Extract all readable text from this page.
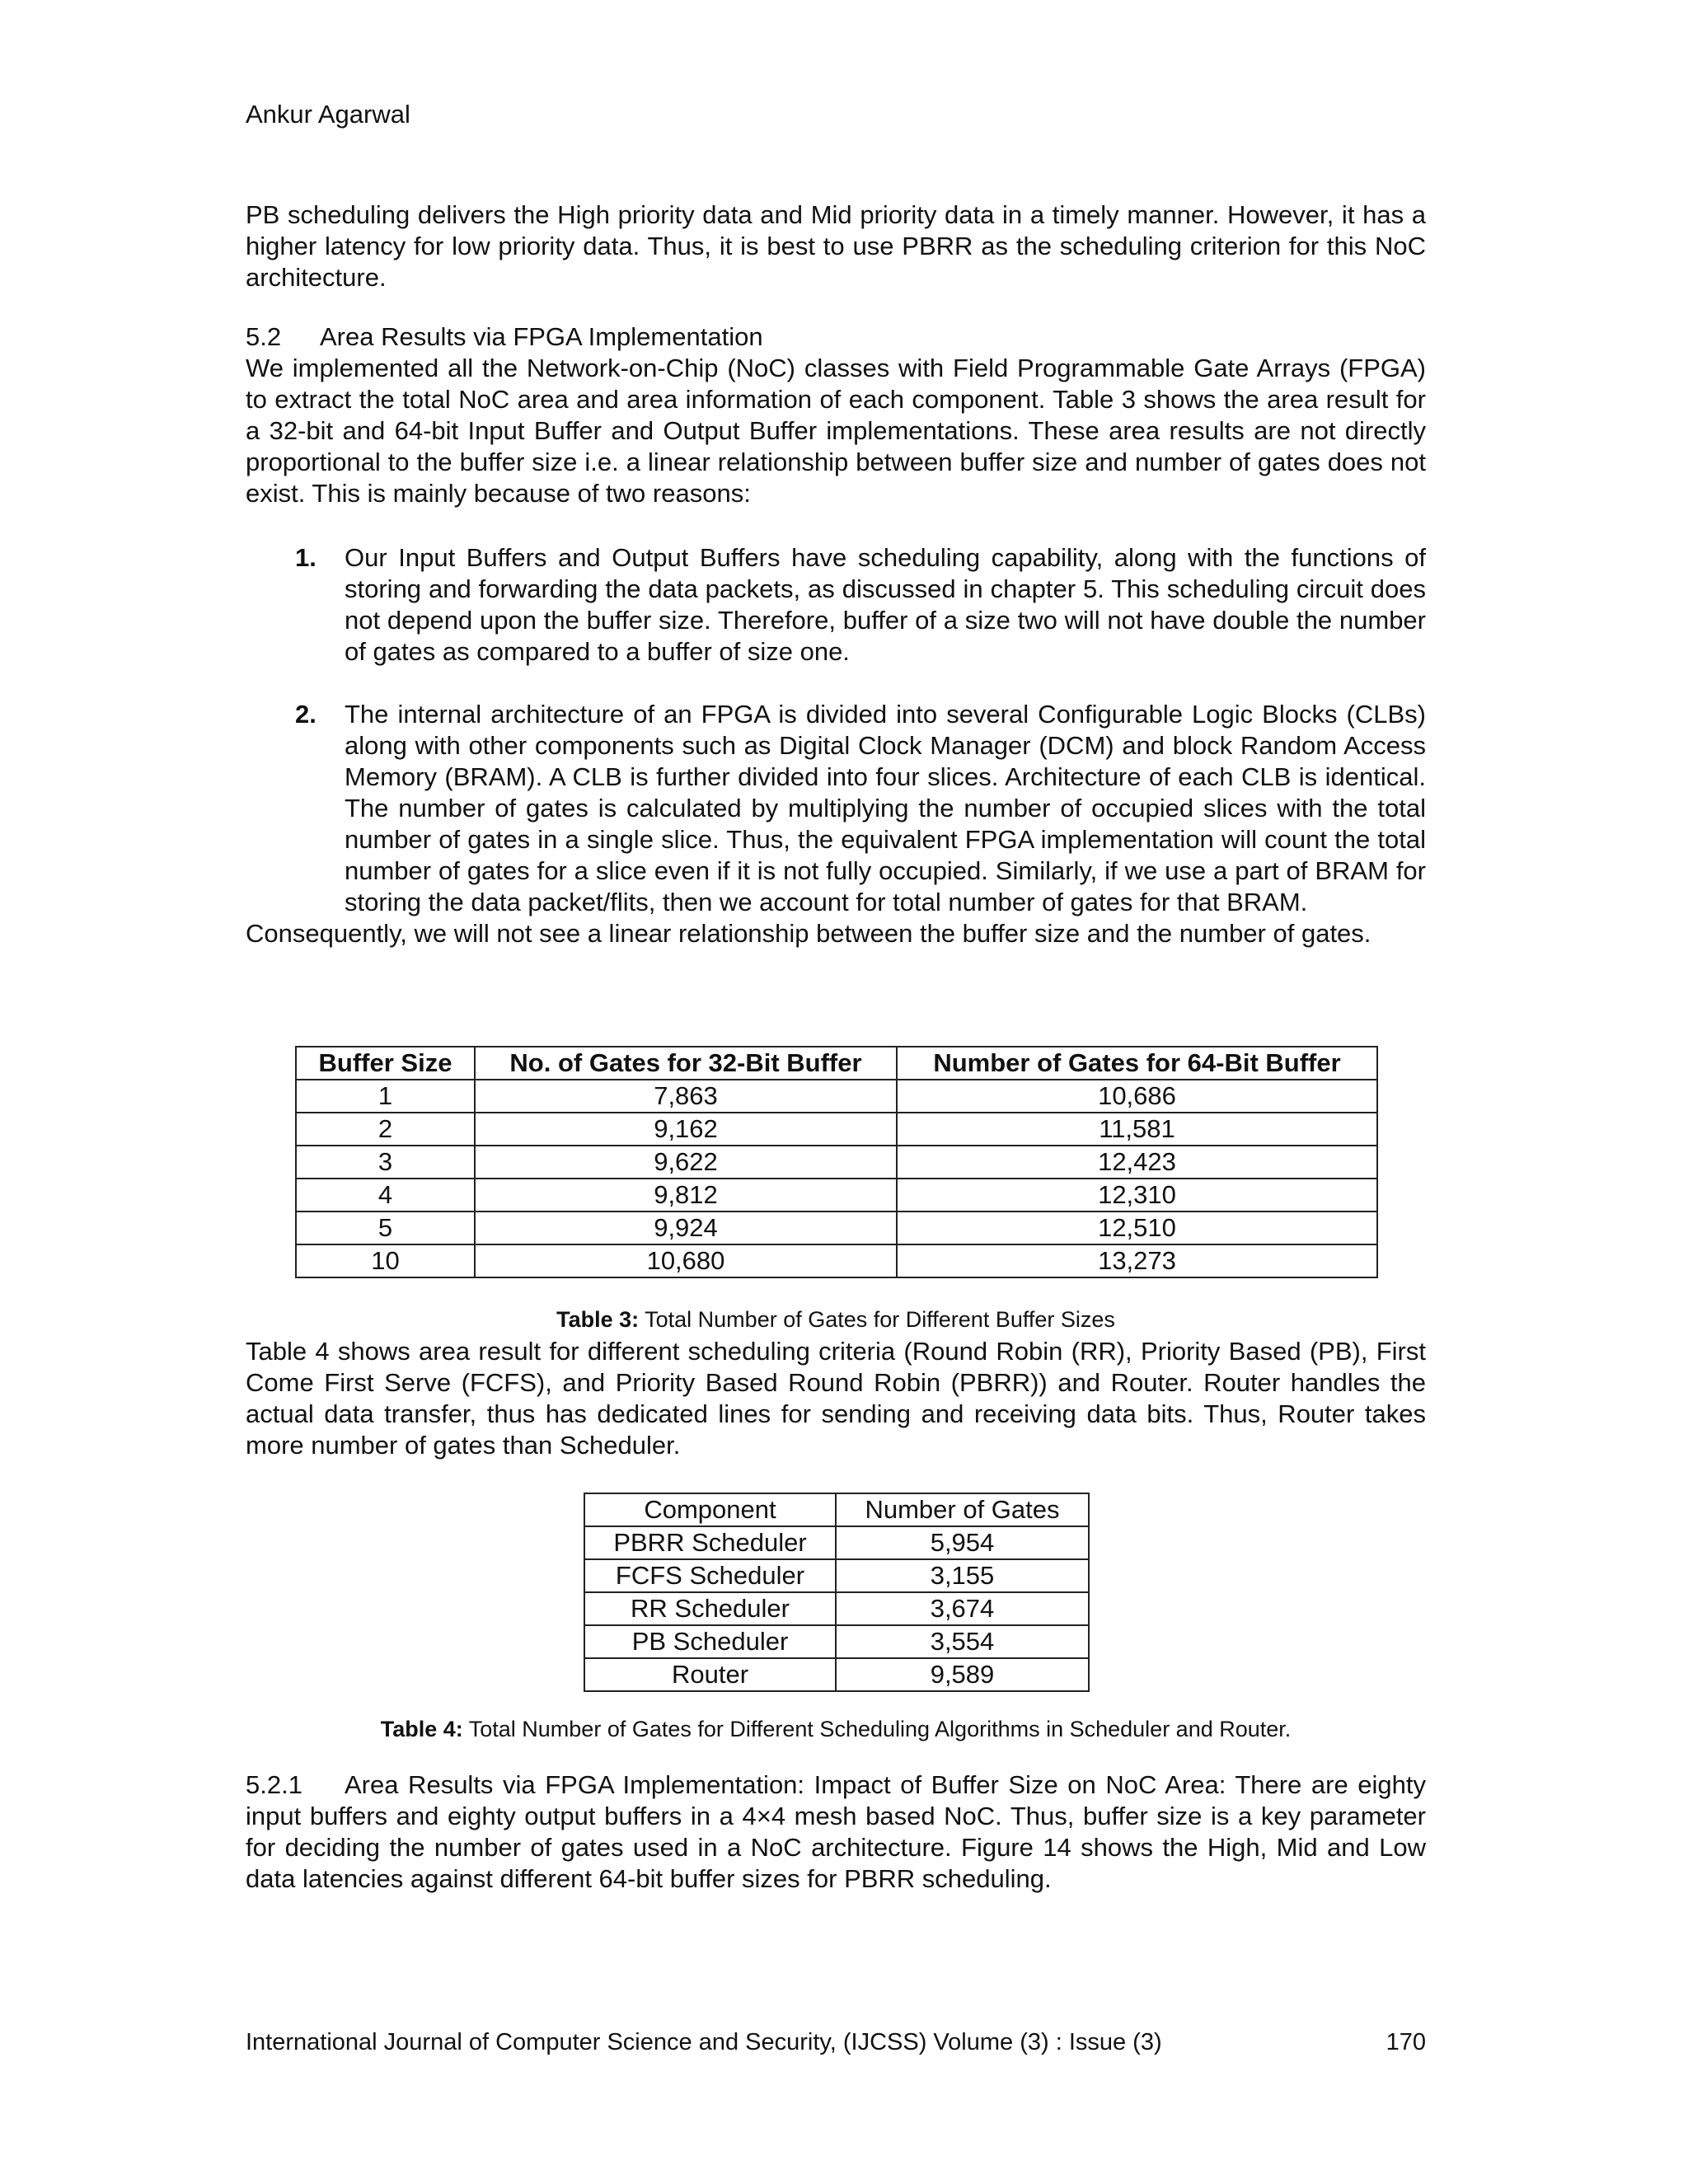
Ankur Agarwal

PB scheduling delivers the High priority data and Mid priority data in a timely manner. However, it has a higher latency for low priority data. Thus, it is best to use PBRR as the scheduling criterion for this NoC architecture.

5.2 Area Results via FPGA Implementation

We implemented all the Network-on-Chip (NoC) classes with Field Programmable Gate Arrays (FPGA) to extract the total NoC area and area information of each component. Table 3 shows the area result for a 32-bit and 64-bit Input Buffer and Output Buffer implementations. These area results are not directly proportional to the buffer size i.e. a linear relationship between buffer size and number of gates does not exist. This is mainly because of two reasons:

1. Our Input Buffers and Output Buffers have scheduling capability, along with the functions of storing and forwarding the data packets, as discussed in chapter 5. This scheduling circuit does not depend upon the buffer size. Therefore, buffer of a size two will not have double the number of gates as compared to a buffer of size one.
2. The internal architecture of an FPGA is divided into several Configurable Logic Blocks (CLBs) along with other components such as Digital Clock Manager (DCM) and block Random Access Memory (BRAM). A CLB is further divided into four slices. Architecture of each CLB is identical. The number of gates is calculated by multiplying the number of occupied slices with the total number of gates in a single slice. Thus, the equivalent FPGA implementation will count the total number of gates for a slice even if it is not fully occupied. Similarly, if we use a part of BRAM for storing the data packet/flits, then we account for total number of gates for that BRAM.

Consequently, we will not see a linear relationship between the buffer size and the number of gates.

Buffer Size	No. of Gates for 32-Bit Buffer	Number of Gates for 64-Bit Buffer
1	7,863	10,686
2	9,162	11,581
3	9,622	12,423
4	9,812	12,310
5	9,924	12,510
10	10,680	13,273
Table 3: Total Number of Gates for Different Buffer Sizes

Table 4 shows area result for different scheduling criteria (Round Robin (RR), Priority Based (PB), First Come First Serve (FCFS), and Priority Based Round Robin (PBRR)) and Router. Router handles the actual data transfer, thus has dedicated lines for sending and receiving data bits. Thus, Router takes more number of gates than Scheduler.

Component	Number of Gates
PBRR Scheduler	5,954
FCFS Scheduler	3,155
RR Scheduler	3,674
PB Scheduler	3,554
Router	9,589
Table 4: Total Number of Gates for Different Scheduling Algorithms in Scheduler and Router.

5.2.1 Area Results via FPGA Implementation: Impact of Buffer Size on NoC Area: There are eighty input buffers and eighty output buffers in a 4×4 mesh based NoC. Thus, buffer size is a key parameter for deciding the number of gates used in a NoC architecture. Figure 14 shows the High, Mid and Low data latencies against different 64-bit buffer sizes for PBRR scheduling.

International Journal of Computer Science and Security, (IJCSS) Volume (3) : Issue (3)	170
